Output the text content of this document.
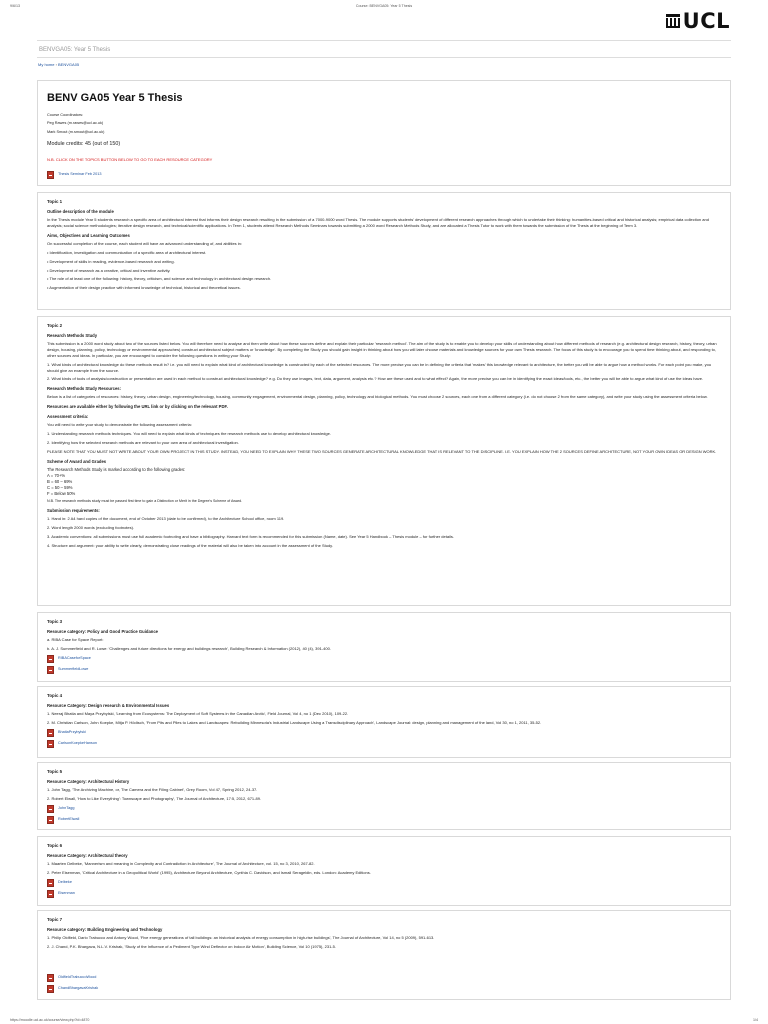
9/6/13	Course: BENVGA05: Year 5 Thesis
UCL
BENVGA05: Year 5 Thesis
My home › BENVGA05
BENV GA05 Year 5 Thesis
Course Coordinators:
Peg Rawes (m.rawes@ucl.ac.uk)
Mark Smout (m.smout@ucl.ac.uk)
Module credits: 45 (out of 150)
N.B. CLICK ON THE TOPICS BUTTON BELOW TO GO TO EACH RESOURCE CATEGORY
Thesis Seminar Feb 2013
Topic 1
Outline description of the module

In the Thesis module Year 5 students research a specific area of architectural interest that informs their design research resulting in the submission of a 7000-9000 word Thesis. The module supports students' development of different research approaches through which to undertake their thinking: humanities-based critical and historical analysis; empirical data collection and analysis; social science methodologies; iterative design research, and technical/scientific applications. In Term 1, students attend Research Methods Seminars towards submitting a 2000 word Research Methods Study, and are allocated a Thesis Tutor to work with them towards the submission of the Thesis at the beginning of Term 3.

Aims, Objectives and Learning Outcomes

On successful completion of the course, each student will have an advanced understanding of, and abilities in:

• Identification, investigation and communication of a specific area of architectural interest.

• Development of skills in reading, evidence-based research and writing.

• Development of research as a creative, critical and inventive activity.

• The role of at least one of the following: history, theory, criticism, and science and technology in architectural design research.

• Augmentation of their design practice with informed knowledge of technical, historical and theoretical issues.

Topic 2
Research Methods Study

This submission is a 2000 word study about two of the sources listed below. You will therefore need to analyse and then write about how these sources define and explain their particular 'research method'. The aim of the study is to enable you to develop your skills of understanding about how different methods of research (e.g. architectural design research, history, theory, urban design, housing, planning, policy, technology or environmental approaches) construct architectural subject matters or 'knowledge'. By completing the Study you should gain insight in thinking about how you will later choose materials and knowledge sources for your own Thesis research. The focus of this study is to encourage you to spend time thinking about, and responding to, other sources and ideas. In particular, you are encouraged to consider the following questions in writing your Study:

1. What kinds of architectural knowledge do these methods result in? i.e. you will need to explain what kind of architectural knowledge is constructed by each of the selected resources. The more precise you can be in defining the criteria that 'makes' this knowledge relevant to architecture, the better you will be able to argue how a method works. For each point you make, you should give an example from the source.

2. What kinds of tools of analysis/construction or presentation are used in each method to construct architectural knowledge? e.g. Do they use images, text, data, argument, analysis etc.? How are these used and to what effect? Again, the more precise you can be in identifying the exact ideas/tools, etc., the better you will be able to argue what kind of use the ideas have.

Research Methods Study Resources:

Below is a list of categories of resources: history, theory, urban design, engineering/technology, housing, community engagement, environmental design, planning, policy, technology and biological methods. You must choose 2 sources, each one from a different category (i.e. do not choose 2 from the same category), and write your study using the assessment criteria below.

Resources are available either by following the URL link or by clicking on the relevant PDF.
Assessment criteria:

You will need to write your study to demonstrate the following assessment criteria:

1. Understanding research methods techniques. You will need to explain what kinds of techniques the research methods use to develop architectural knowledge.

2. Identifying how the selected research methods are relevant to your own area of architectural investigation.

PLEASE NOTE THAT YOU MUST NOT WRITE ABOUT YOUR OWN PROJECT IN THIS STUDY. INSTEAD, YOU NEED TO EXPLAIN WHY THESE TWO SOURCES GENERATE ARCHITECTURAL KNOWLEDGE THAT IS RELEVANT TO THE DISCIPLINE. I.E. YOU EXPLAIN HOW THE 2 SOURCES DEFINE ARCHITECTURE, NOT YOUR OWN IDEAS OR DESIGN WORK.

Scheme of Award and Grades
The Research Methods Study is marked according to the following grades:
A = 70+%
B = 60 – 69%
C = 50 – 59%
F = Below 50%

N.B. The research methods study must be passed first time to gain a Distinction or Merit in the Degree's Scheme of Award.

Submission requirements:

1. Hand in: 2 A4 hard copies of the document, end of October 2013 (date to be confirmed), to the Architecture School office, room 119.

2. Word length 2000 words (excluding footnotes).

3. Academic conventions: all submissions must use full academic footnoting and have a bibliography. Harvard text form is recommended for this submission (Name, date). See Year 5 Handbook – Thesis module – for further details.

4. Structure and argument: your ability to write clearly, demonstrating close readings of the material will also be taken into account in the assessment of the Study.

Topic 3
Resource category: Policy and Good Practice Guidance

a. RIBA Case for Space Report:

b. A. J. Summerfield and R. Lowe: 'Challenges and future directions for energy and buildings research', Building Research & Information (2012), 40 (4), 391-400.

RIBACaseforSpace
SummerfieldLowe
Topic 4
Resource Category: Design research & Environmental Issues

1. Neeraj Bhatia and Maya Przybylski, 'Learning from Ecosystems: The Deployment of Soft Systems in the Canadian Arctic', Field Journal, Vol 4, no 1 (Dec 2010), 109-22.

2. M. Christian Carlson, John Koepke, Mitja P. Hödisch, 'From Pits and Piles to Lakes and Landscapes: Rebuilding Minnesota's Industrial Landscape Using a Transdisciplinary Approach', Landscape Journal: design, planning and management of the land, Vol 30, no 1, 2011, 35-52.

BhatiaPrzybylski
CarlsonKoepkeHanson
Topic 5
Resource Category: Architectural History

1. John Tagg, 'The Archiving Machine, or, The Camera and the Filing Cabinet', Grey Room, Vol 47, Spring 2012, 24-37.

2. Robert Elwall, 'How to Like Everything': Townscape and Photography', The Journal of Architecture, 17:5, 2012, 671-89.

JohnTagg
RobertElwall
Topic 6
Resource Category: Architectural theory

1. Maarten Delbeke, 'Mannerism and meaning in Complexity and Contradiction in Architecture', The Journal of Architecture, vol. 15, no 3, 2010, 267-82.

2. Peter Eisenman, 'Critical Architecture in a Geopolitical World' (1995), Architecture Beyond Architecture, Cynthia C. Davidson, and Ismail Serageldin, eds. London: Academy Editions.

Delbeke
Eisenman
Topic 7
Resource category: Building Engineering and Technology

1. Philip Oldfield, Dario Trabucco and Antony Wood, 'Five energy generations of tall buildings: an historical analysis of energy consumption in high-rise buildings', The Journal of Architecture, Vol 14, no 5 (2009), 591-613.

2. J. Chand, P.K. Bhargava, N.L.V. Krishak, 'Study of the Influence of a Pediment Type Wind Deflector on Indoor Air Motion', Building Science, Vol 10 (1975), 231-5.

OldfieldTrabuccoWood
ChandBhargavaKrishak
https://moodle.ucl.ac.uk/course/view.php?id=4870	1/4
